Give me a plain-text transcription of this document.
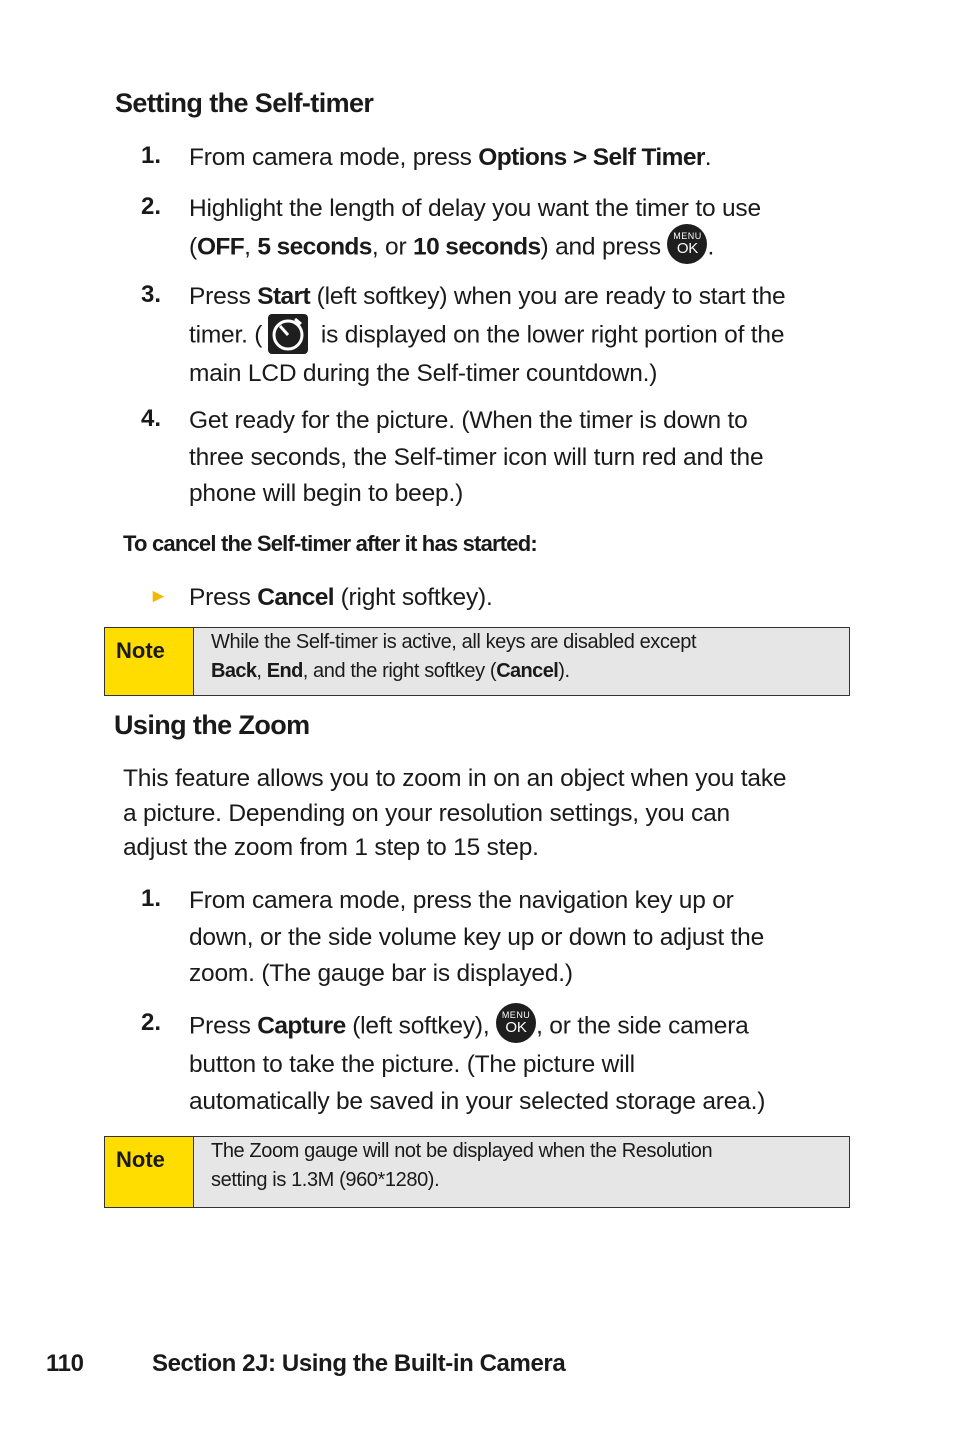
Setting the Self-timer
1.	From camera mode, press Options > Self Timer.
2.	Highlight the length of delay you want the timer to use
(OFF, 5 seconds, or 10 seconds) and press MENU
OK .
3.	Press Start (left softkey) when you are ready to start the
timer. ( is displayed on the lower right portion of the
main LCD during the Self-timer countdown.)
4.	Get ready for the picture. (When the timer is down to
three seconds, the Self-timer icon will turn red and the
phone will begin to beep.)
To cancel the Self-timer after it has started:
► Press Cancel (right softkey).
Note	While the Self-timer is active, all keys are disabled except
Back, End, and the right softkey (Cancel).
Using the Zoom
This feature allows you to zoom in on an object when you take
a picture. Depending on your resolution settings, you can
adjust the zoom from 1 step to 15 step.
1.	From camera mode, press the navigation key up or
down, or the side volume key up or down to adjust the
zoom. (The gauge bar is displayed.)
2.	Press Capture (left softkey), MENU
OK , or the side camera
button to take the picture. (The picture will
automatically be saved in your selected storage area.)
Note	The Zoom gauge will not be displayed when the Resolution
setting is 1.3M (960*1280).
110	Section 2J: Using the Built-in Camera
